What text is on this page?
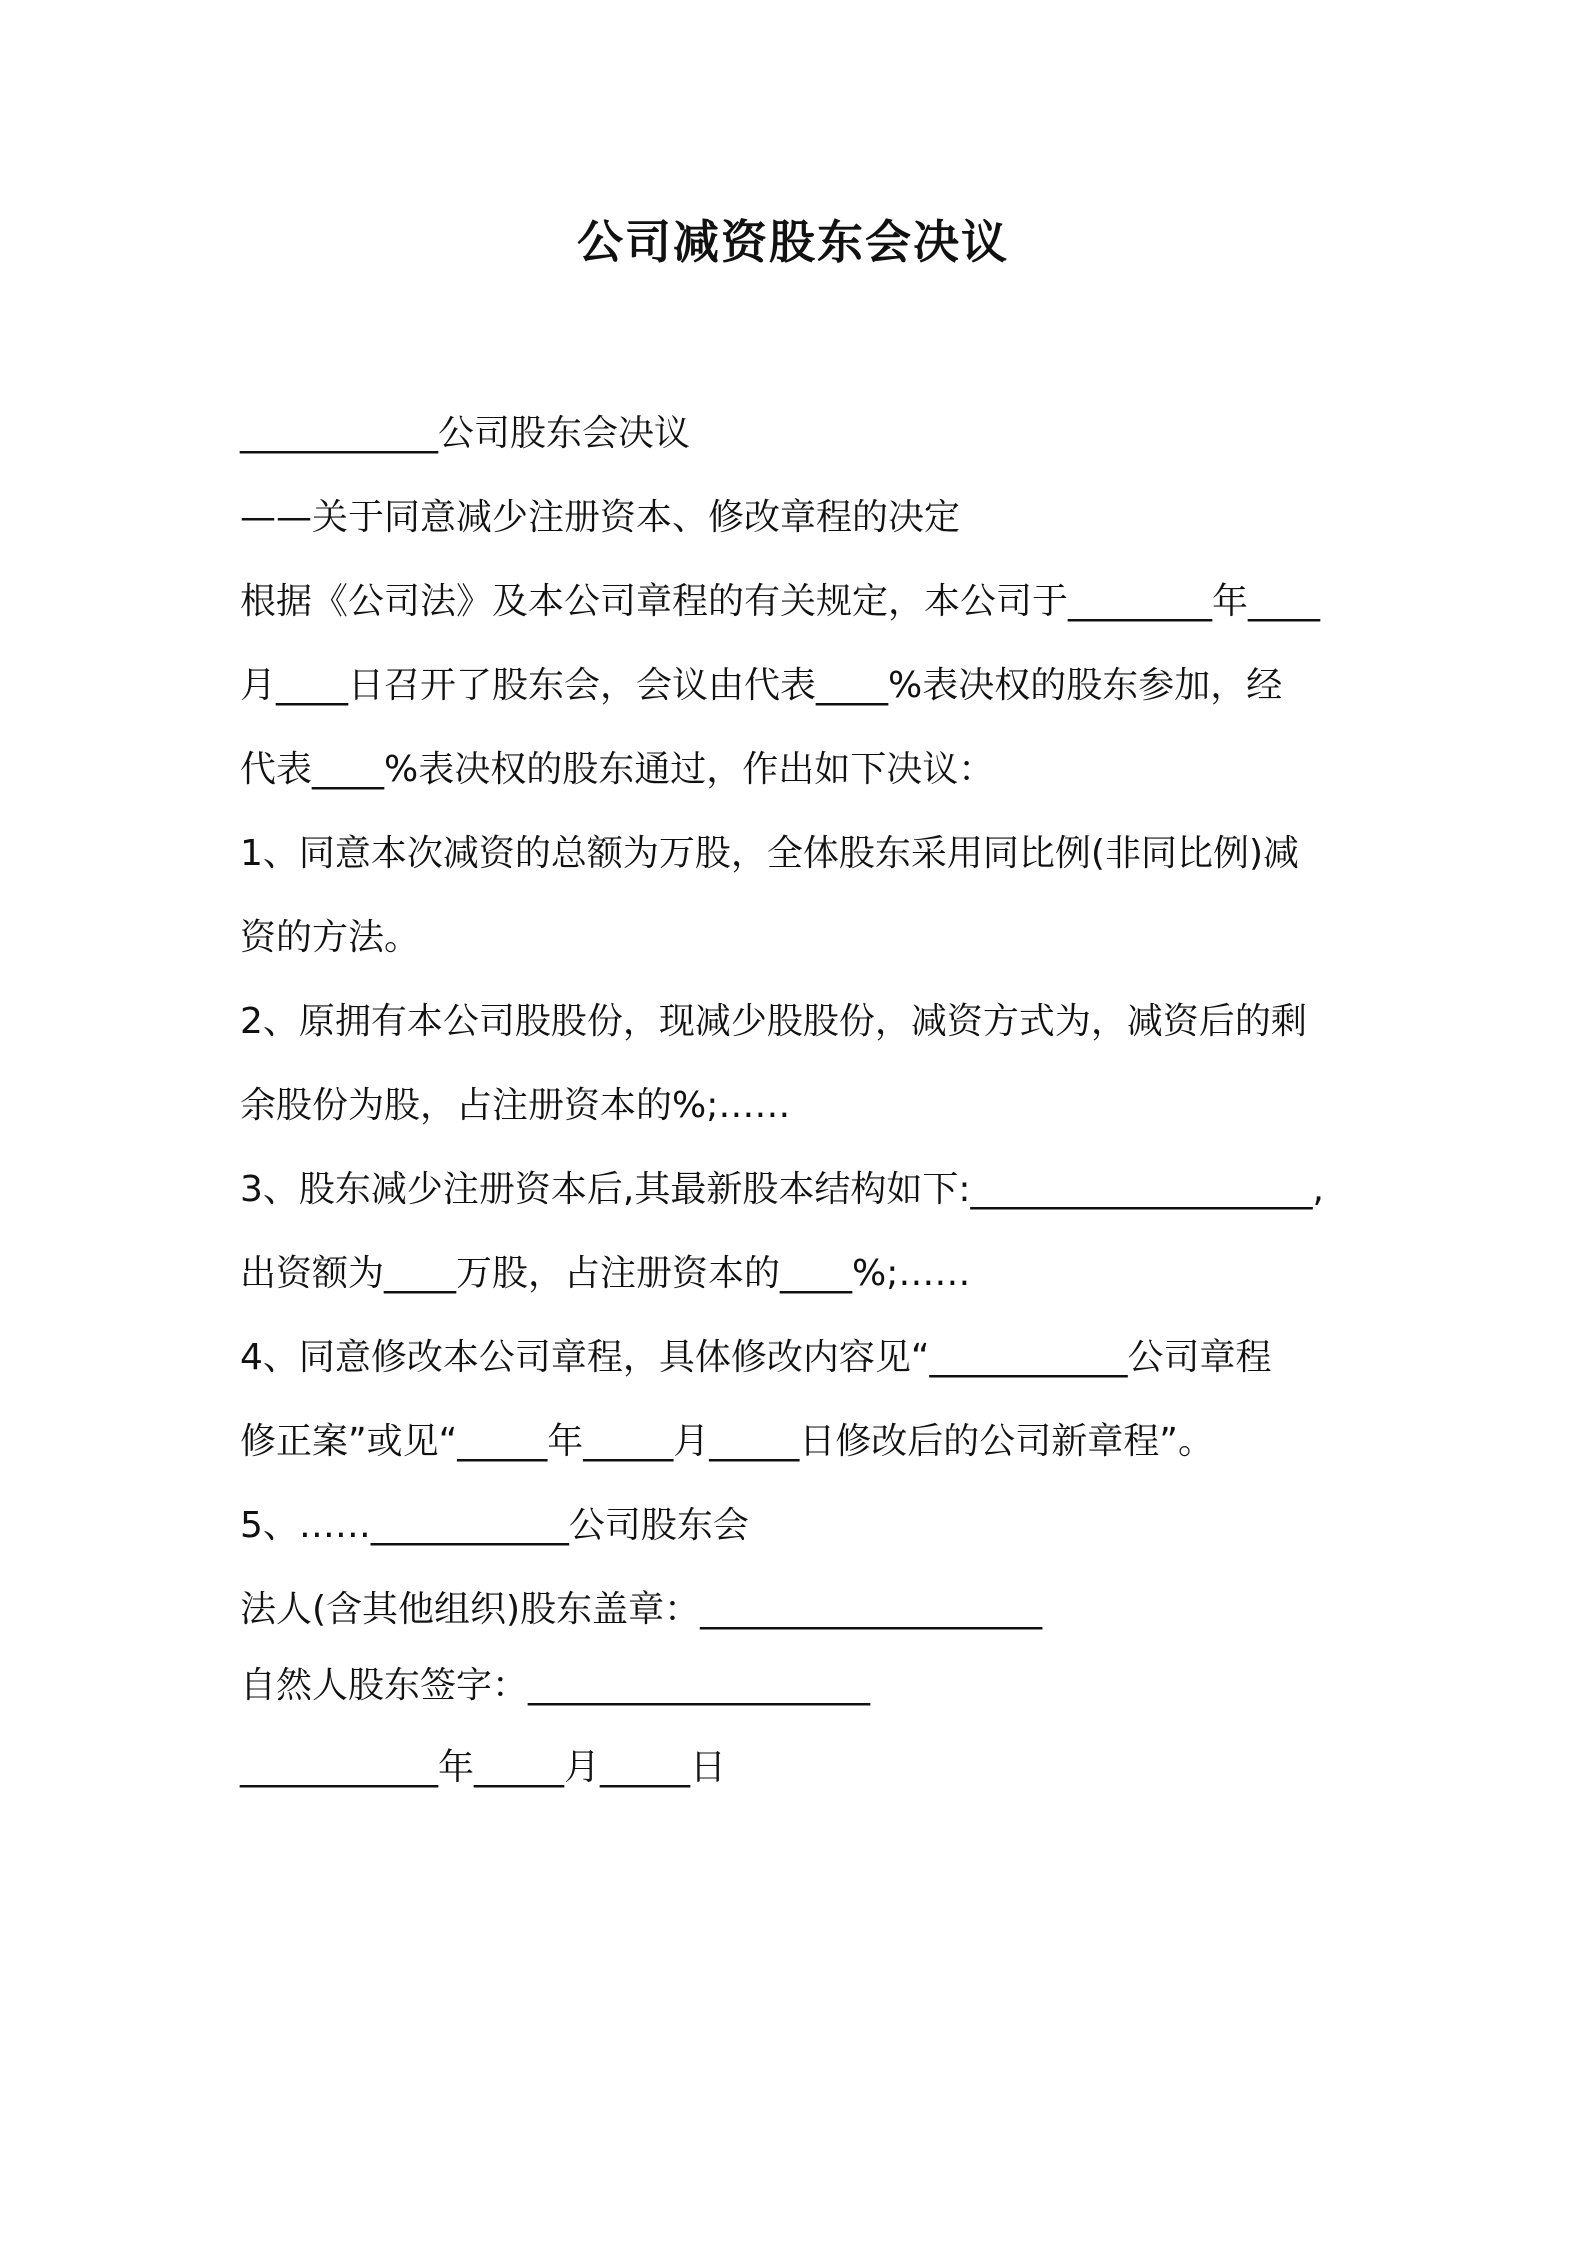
公司减资股东会决议
___________公司股东会决议
——关于同意减少注册资本、修改章程的决定
根据《公司法》及本公司章程的有关规定，本公司于________年____
月____日召开了股东会，会议由代表____%表决权的股东参加，经
代表____%表决权的股东通过，作出如下决议：
1、同意本次减资的总额为万股，全体股东采用同比例(非同比例)减
资的方法。
2、原拥有本公司股股份，现减少股股份，减资方式为，减资后的剩
余股份为股，占注册资本的%;……
3、股东减少注册资本后,其最新股本结构如下:___________________,
出资额为____万股，占注册资本的____%;……
4、同意修改本公司章程，具体修改内容见“___________公司章程
修正案”或见“_____年_____月_____日修改后的公司新章程”。
5、……___________公司股东会
法人(含其他组织)股东盖章：___________________
自然人股东签字：___________________
___________年_____月_____日
